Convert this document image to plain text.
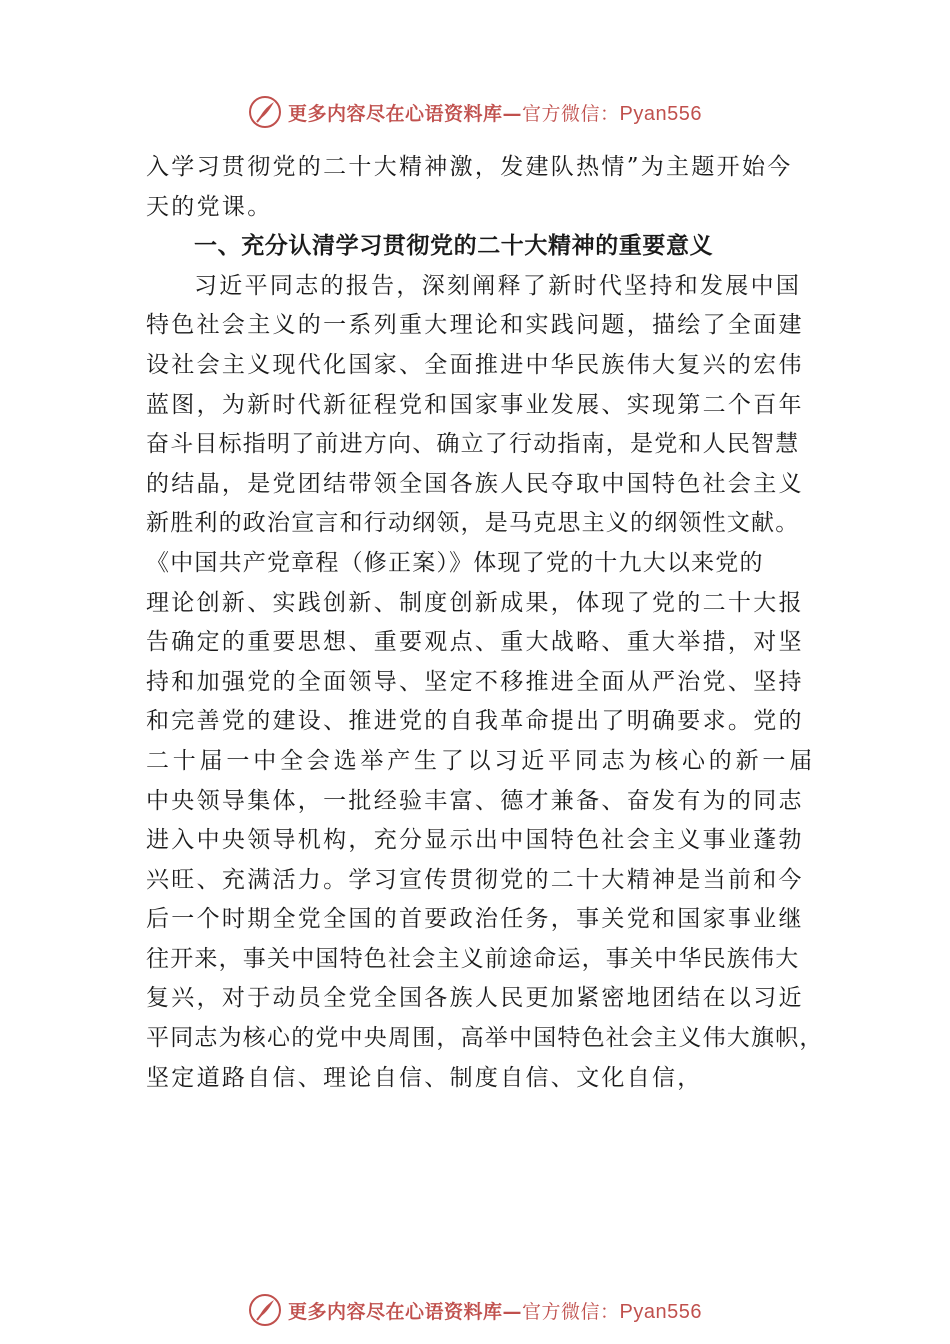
更多内容尽在心语资料库—官方微信：Pyan556
入学习贯彻党的二十大精神激，发建队热情”为主题开始今
天的党课。
一、充分认清学习贯彻党的二十大精神的重要意义
习近平同志的报告，深刻阐释了新时代坚持和发展中国
特色社会主义的一系列重大理论和实践问题，描绘了全面建
设社会主义现代化国家、全面推进中华民族伟大复兴的宏伟
蓝图，为新时代新征程党和国家事业发展、实现第二个百年
奋斗目标指明了前进方向、确立了行动指南，是党和人民智慧
的结晶，是党团结带领全国各族人民夺取中国特色社会主义
新胜利的政治宣言和行动纲领，是马克思主义的纲领性文献。
《中国共产党章程（修正案）》体现了党的十九大以来党的
理论创新、实践创新、制度创新成果，体现了党的二十大报
告确定的重要思想、重要观点、重大战略、重大举措，对坚
持和加强党的全面领导、坚定不移推进全面从严治党、坚持
和完善党的建设、推进党的自我革命提出了明确要求。党的
二十届一中全会选举产生了以习近平同志为核心的新一届
中央领导集体，一批经验丰富、德才兼备、奋发有为的同志
进入中央领导机构，充分显示出中国特色社会主义事业蓬勃
兴旺、充满活力。学习宣传贯彻党的二十大精神是当前和今
后一个时期全党全国的首要政治任务，事关党和国家事业继
往开来，事关中国特色社会主义前途命运，事关中华民族伟大
复兴，对于动员全党全国各族人民更加紧密地团结在以习近
平同志为核心的党中央周围，高举中国特色社会主义伟大旗帜，
坚定道路自信、理论自信、制度自信、文化自信，
更多内容尽在心语资料库—官方微信：Pyan556
